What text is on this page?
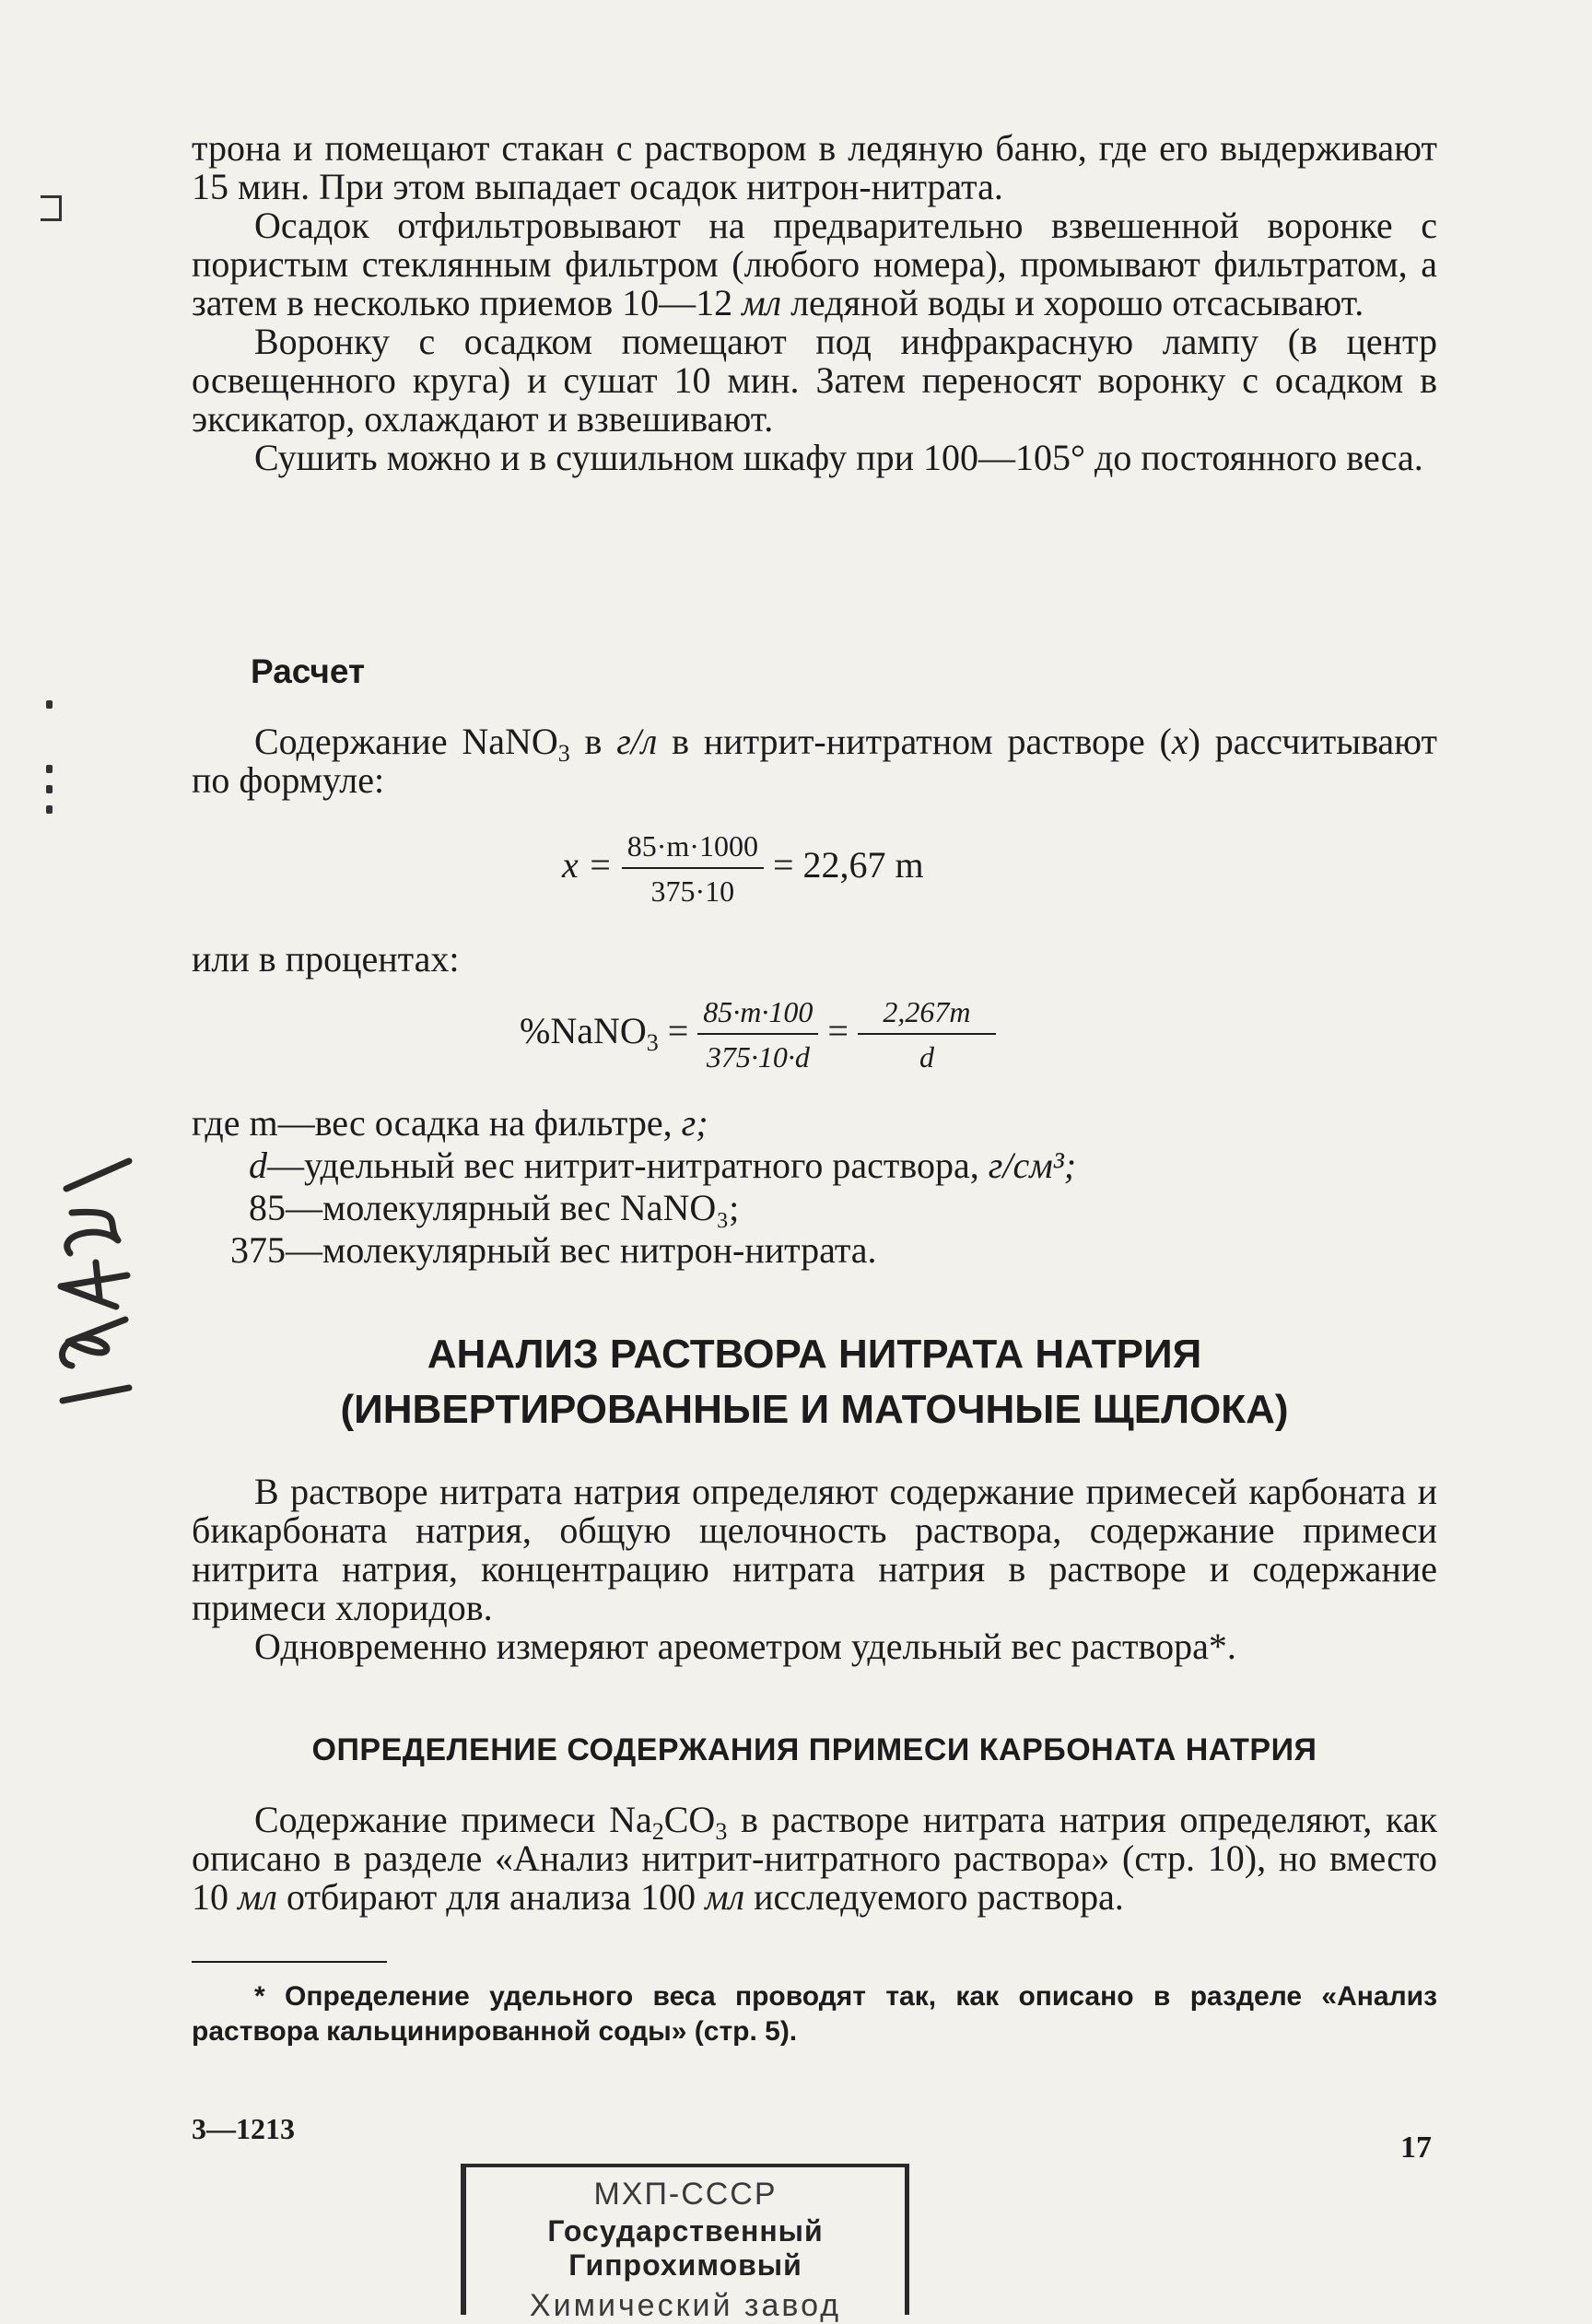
трона и помещают стакан с раствором в ледяную баню, где его выдерживают 15 мин. При этом выпадает осадок нитрон-нитрата.

Осадок отфильтровывают на предварительно взвешенной воронке с пористым стеклянным фильтром (любого номера), промывают фильтратом, а затем в несколько приемов 10—12 мл ледяной воды и хорошо отсасывают.

Воронку с осадком помещают под инфракрасную лампу (в центр освещенного круга) и сушат 10 мин. Затем переносят воронку с осадком в эксикатор, охлаждают и взвешивают.

Сушить можно и в сушильном шкафу при 100—105° до постоянного веса.

Расчет

Содержание NaNO$_3$ в г/л в нитрит-нитратном растворе (x) рассчитывают по формуле:

$x = \frac{85\cdot m\cdot 1000}{375\cdot 10} = 22,67$ m

или в процентах:

%NaNO$_3$ = $\frac{85\cdot m\cdot 100}{375\cdot 10\cdot d} = \frac{2,267m}{d}$
где m—вес осадка на фильтре, г;
d—удельный вес нитрит-нитратного раствора, г/см³;
85—молекулярный вес NaNO₃;
375—молекулярный вес нитрон-нитрата.
АНАЛИЗ РАСТВОРА НИТРАТА НАТРИЯ
(ИНВЕРТИРОВАННЫЕ И МАТОЧНЫЕ ЩЕЛОКА)

В растворе нитрата натрия определяют содержание примесей карбоната и бикарбоната натрия, общую щелочность раствора, содержание примеси нитрита натрия, концентрацию нитрата натрия в растворе и содержание примеси хлоридов.

Одновременно измеряют ареометром удельный вес раствора*.

ОПРЕДЕЛЕНИЕ СОДЕРЖАНИЯ ПРИМЕСИ КАРБОНАТА НАТРИЯ

Содержание примеси $Na_2CO_3$ в растворе нитрата натрия определяют, как описано в разделе «Анализ нитрит-нитратного раствора» (стр. 10), но вместо 10 мл отбирают для анализа 100 мл исследуемого раствора.

* Определение удельного веса проводят так, как описано в разделе «Анализ раствора кальцинированной соды» (стр. 5).
3—1213
17
МХП-СССР
Государственный Гипрохимовый
Химический завод
